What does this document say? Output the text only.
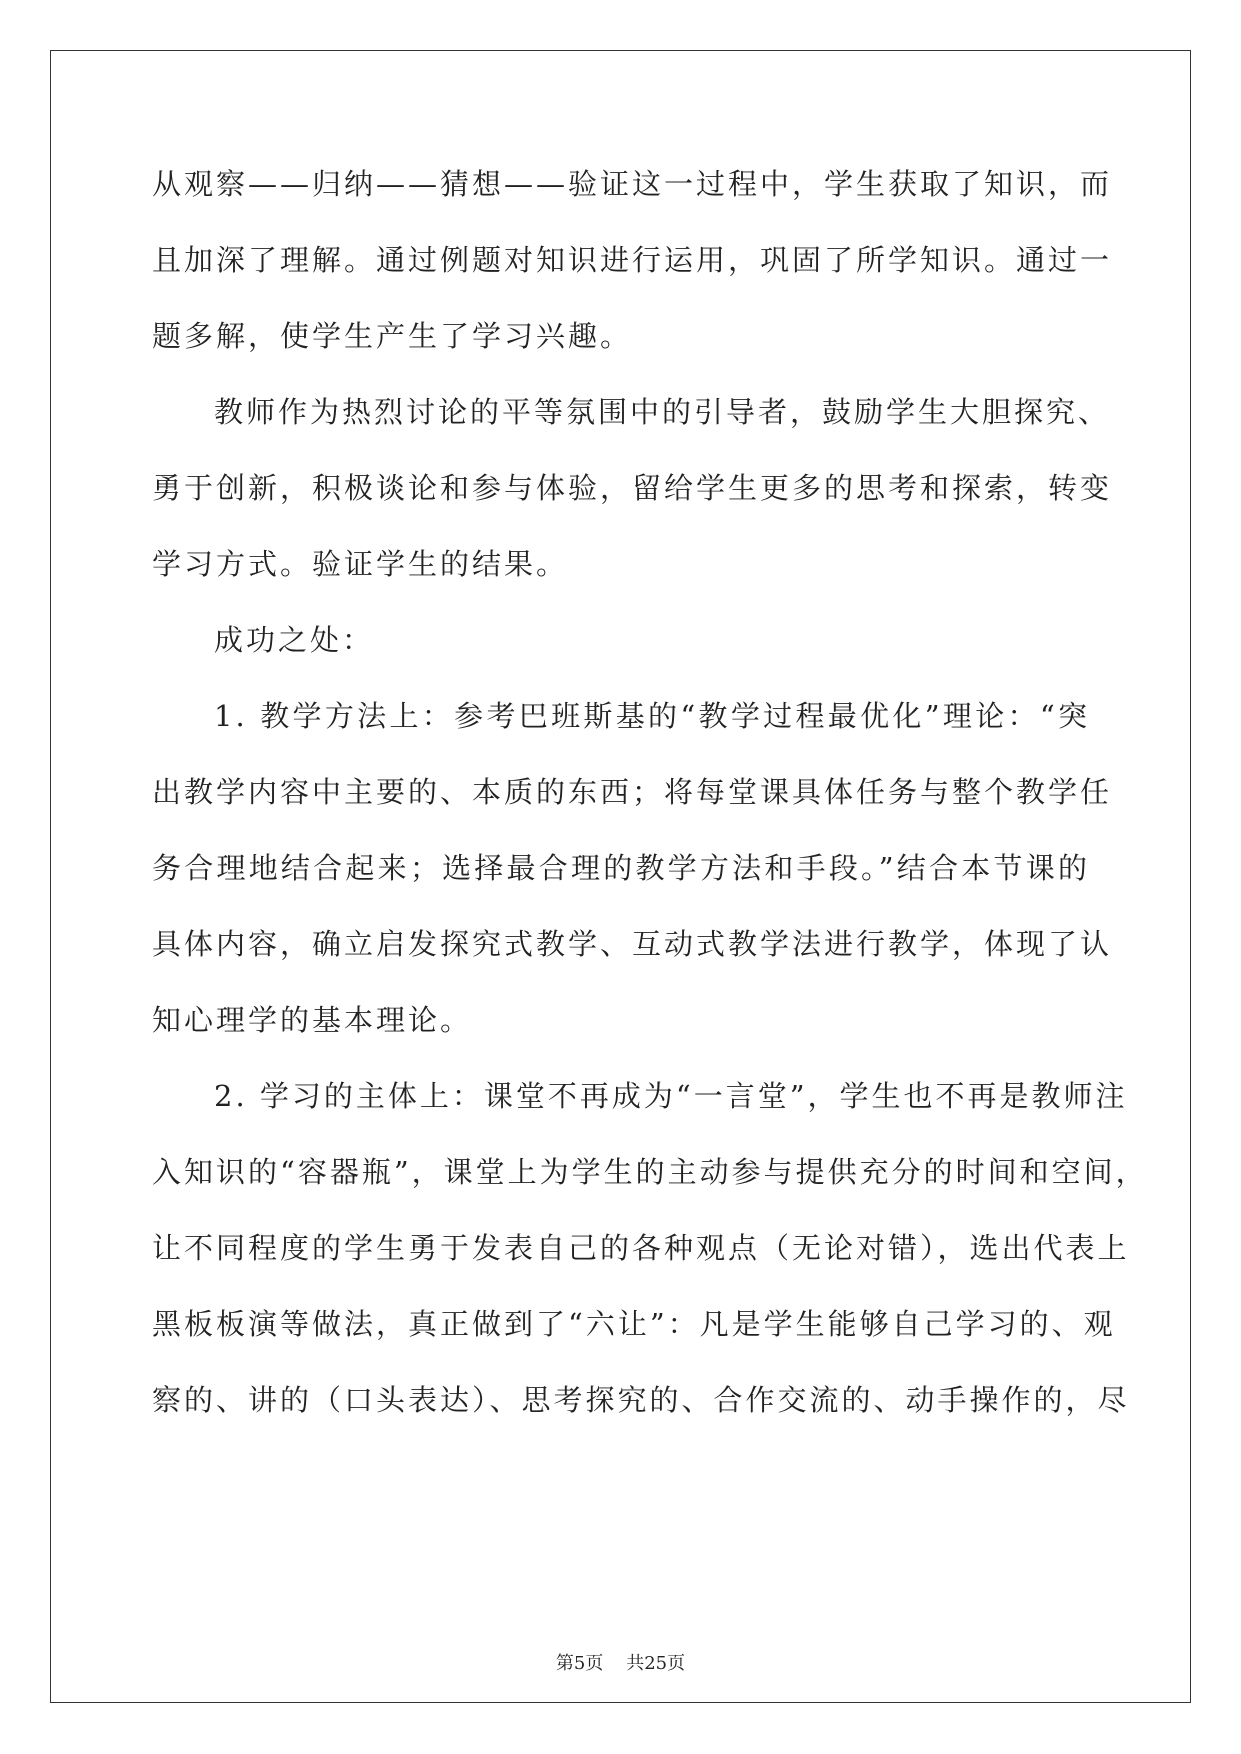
从观察——归纳——猜想——验证这一过程中，学生获取了知识，而
且加深了理解。通过例题对知识进行运用，巩固了所学知识。通过一
题多解，使学生产生了学习兴趣。
教师作为热烈讨论的平等氛围中的引导者，鼓励学生大胆探究、
勇于创新，积极谈论和参与体验，留给学生更多的思考和探索，转变
学习方式。验证学生的结果。
成功之处：
1. 教学方法上：参考巴班斯基的“教学过程最优化”理论：“突
出教学内容中主要的、本质的东西；将每堂课具体任务与整个教学任
务合理地结合起来；选择最合理的教学方法和手段。”结合本节课的
具体内容，确立启发探究式教学、互动式教学法进行教学，体现了认
知心理学的基本理论。
2. 学习的主体上：课堂不再成为“一言堂”，学生也不再是教师注
入知识的“容器瓶”，课堂上为学生的主动参与提供充分的时间和空间，
让不同程度的学生勇于发表自己的各种观点（无论对错），选出代表上
黑板板演等做法，真正做到了“六让”：凡是学生能够自己学习的、观
察的、讲的（口头表达）、思考探究的、合作交流的、动手操作的，尽
第5页 共25页
